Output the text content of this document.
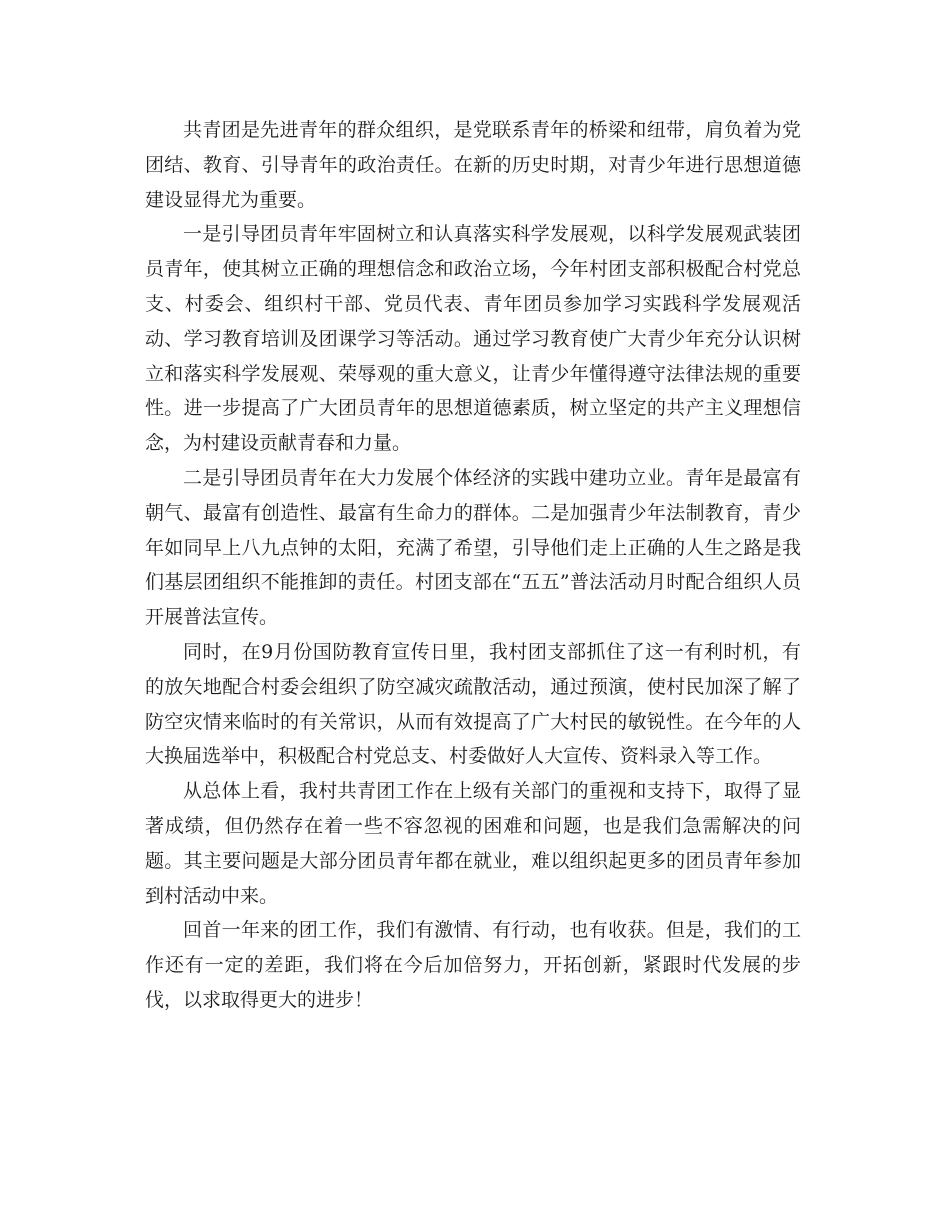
共青团是先进青年的群众组织，是党联系青年的桥梁和纽带，肩负着为党团结、教育、引导青年的政治责任。在新的历史时期，对青少年进行思想道德建设显得尤为重要。

一是引导团员青年牢固树立和认真落实科学发展观，以科学发展观武装团员青年，使其树立正确的理想信念和政治立场，今年村团支部积极配合村党总支、村委会、组织村干部、党员代表、青年团员参加学习实践科学发展观活动、学习教育培训及团课学习等活动。通过学习教育使广大青少年充分认识树立和落实科学发展观、荣辱观的重大意义，让青少年懂得遵守法律法规的重要性。进一步提高了广大团员青年的思想道德素质，树立坚定的共产主义理想信念，为村建设贡献青春和力量。

二是引导团员青年在大力发展个体经济的实践中建功立业。青年是最富有朝气、最富有创造性、最富有生命力的群体。二是加强青少年法制教育，青少年如同早上八九点钟的太阳，充满了希望，引导他们走上正确的人生之路是我们基层团组织不能推卸的责任。村团支部在“五五”普法活动月时配合组织人员开展普法宣传。

同时，在9月份国防教育宣传日里，我村团支部抓住了这一有利时机，有的放矢地配合村委会组织了防空减灾疏散活动，通过预演，使村民加深了解了防空灾情来临时的有关常识，从而有效提高了广大村民的敏锐性。在今年的人大换届选举中，积极配合村党总支、村委做好人大宣传、资料录入等工作。

从总体上看，我村共青团工作在上级有关部门的重视和支持下，取得了显著成绩，但仍然存在着一些不容忽视的困难和问题，也是我们急需解决的问题。其主要问题是大部分团员青年都在就业，难以组织起更多的团员青年参加到村活动中来。

回首一年来的团工作，我们有激情、有行动，也有收获。但是，我们的工作还有一定的差距，我们将在今后加倍努力，开拓创新，紧跟时代发展的步伐，以求取得更大的进步！
